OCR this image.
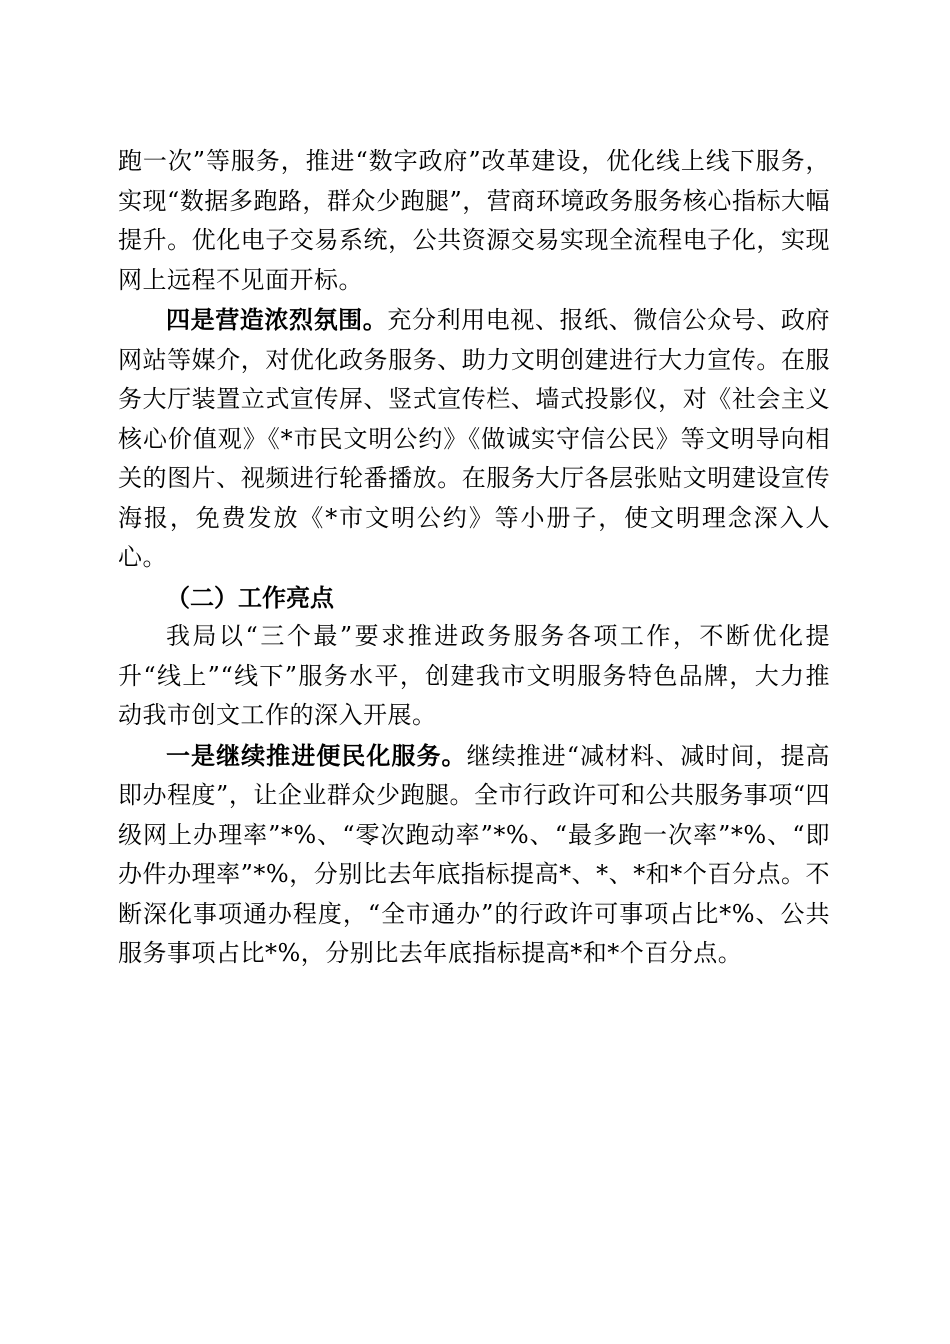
跑一次”等服务，推进“数字政府”改革建设，优化线上线下服务，实现“数据多跑路，群众少跑腿”，营商环境政务服务核心指标大幅提升。优化电子交易系统，公共资源交易实现全流程电子化，实现网上远程不见面开标。

四是营造浓烈氛围。充分利用电视、报纸、微信公众号、政府网站等媒介，对优化政务服务、助力文明创建进行大力宣传。在服务大厅装置立式宣传屏、竖式宣传栏、墙式投影仪，对《社会主义核心价值观》《*市民文明公约》《做诚实守信公民》等文明导向相关的图片、视频进行轮番播放。在服务大厅各层张贴文明建设宣传海报，免费发放《*市文明公约》等小册子，使文明理念深入人心。

（二）工作亮点

我局以“三个最”要求推进政务服务各项工作，不断优化提升“线上”“线下”服务水平，创建我市文明服务特色品牌，大力推动我市创文工作的深入开展。

一是继续推进便民化服务。继续推进“减材料、减时间，提高即办程度”，让企业群众少跑腿。全市行政许可和公共服务事项“四级网上办理率”*%、“零次跑动率”*%、“最多跑一次率”*%、“即办件办理率”*%，分别比去年底指标提高*、*、*和*个百分点。不断深化事项通办程度，“全市通办”的行政许可事项占比*%、公共服务事项占比*%，分别比去年底指标提高*和*个百分点。
